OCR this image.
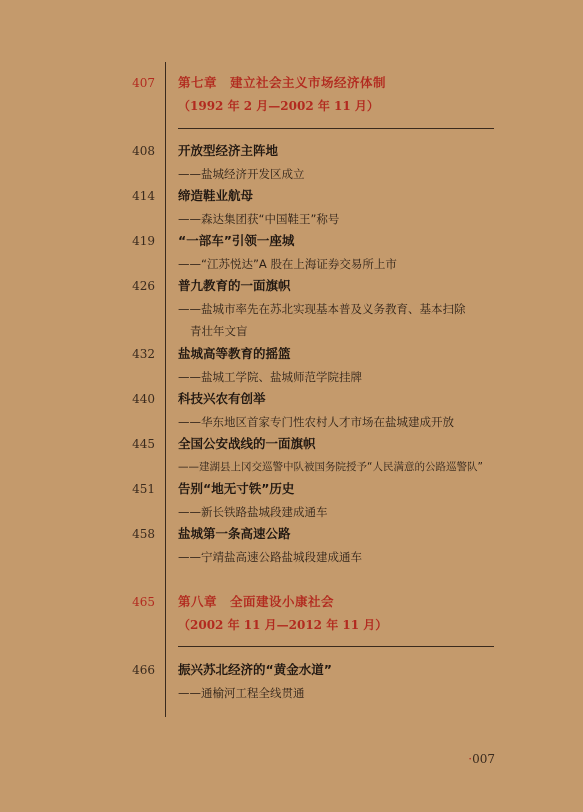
407 第七章　建立社会主义市场经济体制
（1992 年 2 月—2002 年 11 月）
408 开放型经济主阵地
——盐城经济开发区成立
414 缔造鞋业航母
——森达集团获“中国鞋王”称号
419 “一部车”引领一座城
——“江苏悦达”A 股在上海证券交易所上市
426 普九教育的一面旗帜
——盐城市率先在苏北实现基本普及义务教育、基本扫除
青壮年文盲
432 盐城高等教育的摇篮
——盐城工学院、盐城师范学院挂牌
440 科技兴农有创举
——华东地区首家专门性农村人才市场在盐城建成开放
445 全国公安战线的一面旗帜
——建湖县上冈交巡警中队被国务院授予“人民满意的公路巡警队”
451 告别“地无寸铁”历史
——新长铁路盐城段建成通车
458 盐城第一条高速公路
——宁靖盐高速公路盐城段建成通车
465 第八章　全面建设小康社会
（2002 年 11 月—2012 年 11 月）
466 振兴苏北经济的“黄金水道”
——通榆河工程全线贯通
·007
